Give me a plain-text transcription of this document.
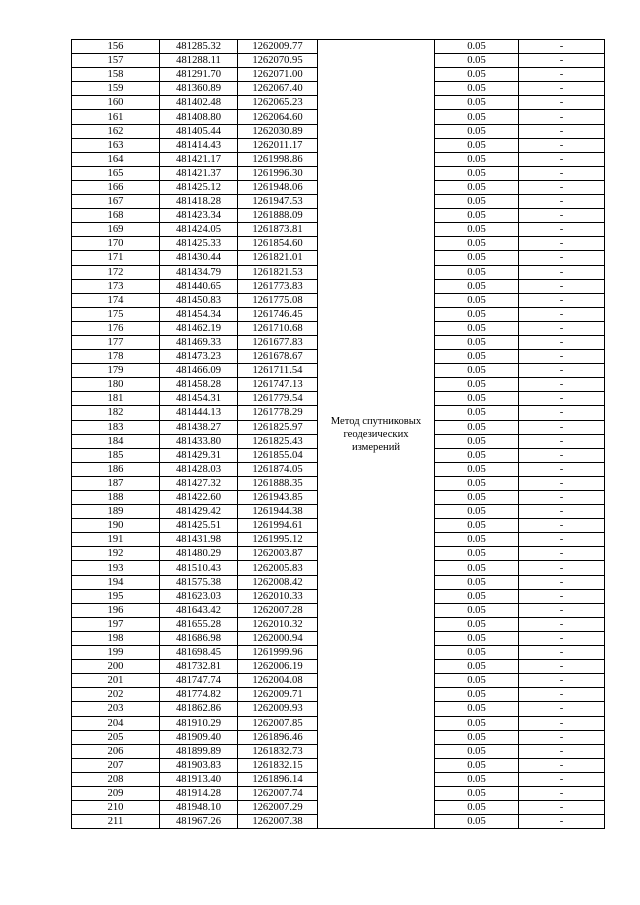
156	481285.32	1262009.77	Метод спутниковых геодезических измерений	0.05	-
157	481288.11	1262070.95		0.05	-
158	481291.70	1262071.00		0.05	-
159	481360.89	1262067.40		0.05	-
160	481402.48	1262065.23		0.05	-
161	481408.80	1262064.60		0.05	-
162	481405.44	1262030.89		0.05	-
163	481414.43	1262011.17		0.05	-
164	481421.17	1261998.86		0.05	-
165	481421.37	1261996.30		0.05	-
166	481425.12	1261948.06		0.05	-
167	481418.28	1261947.53		0.05	-
168	481423.34	1261888.09		0.05	-
169	481424.05	1261873.81		0.05	-
170	481425.33	1261854.60		0.05	-
171	481430.44	1261821.01		0.05	-
172	481434.79	1261821.53		0.05	-
173	481440.65	1261773.83		0.05	-
174	481450.83	1261775.08		0.05	-
175	481454.34	1261746.45		0.05	-
176	481462.19	1261710.68		0.05	-
177	481469.33	1261677.83		0.05	-
178	481473.23	1261678.67		0.05	-
179	481466.09	1261711.54		0.05	-
180	481458.28	1261747.13		0.05	-
181	481454.31	1261779.54		0.05	-
182	481444.13	1261778.29		0.05	-
183	481438.27	1261825.97		0.05	-
184	481433.80	1261825.43		0.05	-
185	481429.31	1261855.04		0.05	-
186	481428.03	1261874.05		0.05	-
187	481427.32	1261888.35		0.05	-
188	481422.60	1261943.85		0.05	-
189	481429.42	1261944.38		0.05	-
190	481425.51	1261994.61		0.05	-
191	481431.98	1261995.12		0.05	-
192	481480.29	1262003.87		0.05	-
193	481510.43	1262005.83		0.05	-
194	481575.38	1262008.42		0.05	-
195	481623.03	1262010.33		0.05	-
196	481643.42	1262007.28		0.05	-
197	481655.28	1262010.32		0.05	-
198	481686.98	1262000.94		0.05	-
199	481698.45	1261999.96		0.05	-
200	481732.81	1262006.19		0.05	-
201	481747.74	1262004.08		0.05	-
202	481774.82	1262009.71		0.05	-
203	481862.86	1262009.93		0.05	-
204	481910.29	1262007.85		0.05	-
205	481909.40	1261896.46		0.05	-
206	481899.89	1261832.73		0.05	-
207	481903.83	1261832.15		0.05	-
208	481913.40	1261896.14		0.05	-
209	481914.28	1262007.74		0.05	-
210	481948.10	1262007.29		0.05	-
211	481967.26	1262007.38		0.05	-
